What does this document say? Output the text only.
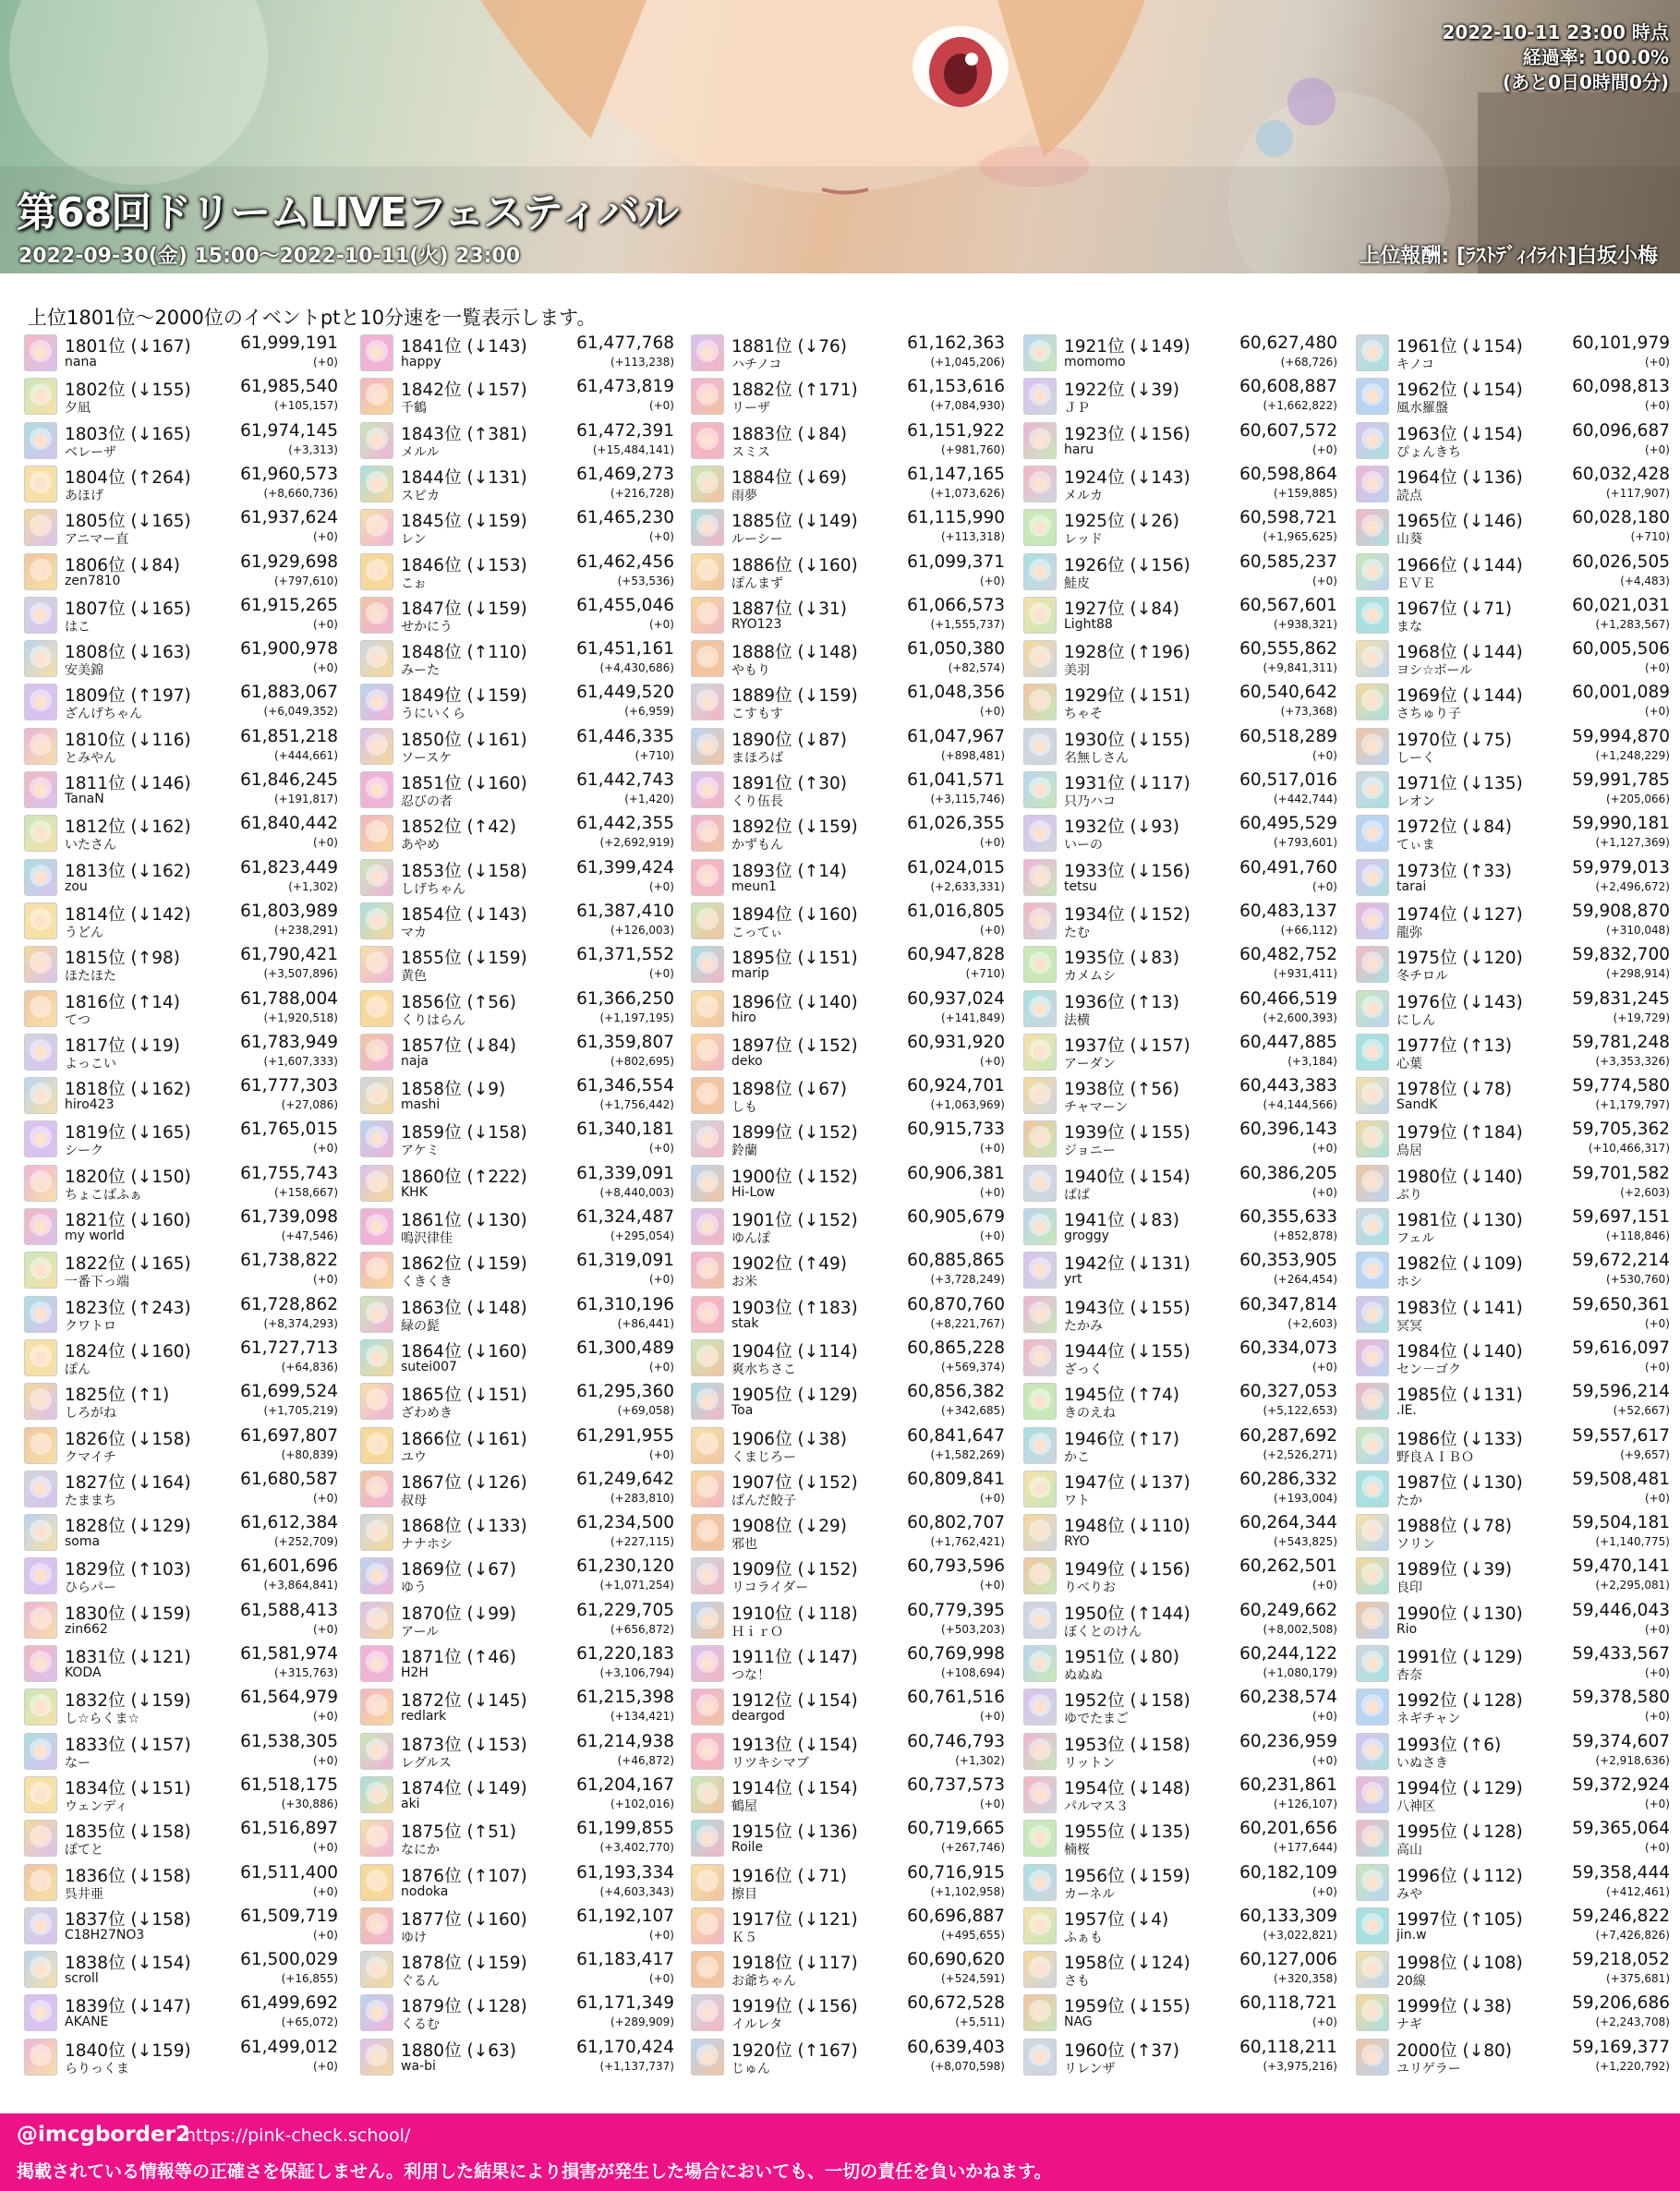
2022-10-11 23:00 時点
経過率: 100.0%
(あと0日0時間0分)
第68回ドリームLIVEフェスティバル
2022-09-30(金) 15:00〜2022-10-11(火) 23:00	上位報酬: [ﾗｽﾄﾃﾞｨｲﾗｲﾄ]白坂小梅
上位1801位〜2000位のイベントptと10分速を一覧表示します。
1801位 (↓167)	61,999,191
nana	(+0)
1802位 (↓155)	61,985,540
夕凪	(+105,157)
1803位 (↓165)	61,974,145
ベレーザ	(+3,313)
1804位 (↑264)	61,960,573
あほげ	(+8,660,736)
1805位 (↓165)	61,937,624
アニマー直	(+0)
1806位 (↓84)	61,929,698
zen7810	(+797,610)
1807位 (↓165)	61,915,265
はこ	(+0)
1808位 (↓163)	61,900,978
安美錦	(+0)
1809位 (↑197)	61,883,067
ざんげちゃん	(+6,049,352)
1810位 (↓116)	61,851,218
とみやん	(+444,661)
1811位 (↓146)	61,846,245
TanaN	(+191,817)
1812位 (↓162)	61,840,442
いたさん	(+0)
1813位 (↓162)	61,823,449
zou	(+1,302)
1814位 (↓142)	61,803,989
うどん	(+238,291)
1815位 (↑98)	61,790,421
ほたほた	(+3,507,896)
1816位 (↑14)	61,788,004
てつ	(+1,920,518)
1817位 (↓19)	61,783,949
よっこい	(+1,607,333)
1818位 (↓162)	61,777,303
hiro423	(+27,086)
1819位 (↓165)	61,765,015
シーク	(+0)
1820位 (↓150)	61,755,743
ちょこばふぁ	(+158,667)
1821位 (↓160)	61,739,098
my world	(+47,546)
1822位 (↓165)	61,738,822
一番下っ端	(+0)
1823位 (↑243)	61,728,862
クワトロ	(+8,374,293)
1824位 (↓160)	61,727,713
ぽん	(+64,836)
1825位 (↑1)	61,699,524
しろがね	(+1,705,219)
1826位 (↓158)	61,697,807
クマイチ	(+80,839)
1827位 (↓164)	61,680,587
たままち	(+0)
1828位 (↓129)	61,612,384
soma	(+252,709)
1829位 (↑103)	61,601,696
ひらパー	(+3,864,841)
1830位 (↓159)	61,588,413
zin662	(+0)
1831位 (↓121)	61,581,974
KODA	(+315,763)
1832位 (↓159)	61,564,979
し☆らくま☆	(+0)
1833位 (↓157)	61,538,305
なー	(+0)
1834位 (↓151)	61,518,175
ウェンディ	(+30,886)
1835位 (↓158)	61,516,897
ぽてと	(+0)
1836位 (↓158)	61,511,400
呉井亜	(+0)
1837位 (↓158)	61,509,719
C18H27NO3	(+0)
1838位 (↓154)	61,500,029
scroll	(+16,855)
1839位 (↓147)	61,499,692
AKANE	(+65,072)
1840位 (↓159)	61,499,012
らりっくま	(+0)
1841位 (↓143)	61,477,768
happy	(+113,238)
1842位 (↓157)	61,473,819
千鶴	(+0)
1843位 (↑381)	61,472,391
メルル	(+15,484,141)
1844位 (↓131)	61,469,273
スピカ	(+216,728)
1845位 (↓159)	61,465,230
レン	(+0)
1846位 (↓153)	61,462,456
こぉ	(+53,536)
1847位 (↓159)	61,455,046
せかにう	(+0)
1848位 (↑110)	61,451,161
みーた	(+4,430,686)
1849位 (↓159)	61,449,520
うにいくら	(+6,959)
1850位 (↓161)	61,446,335
ソースケ	(+710)
1851位 (↓160)	61,442,743
忍びの者	(+1,420)
1852位 (↑42)	61,442,355
あやめ	(+2,692,919)
1853位 (↓158)	61,399,424
しげちゃん	(+0)
1854位 (↓143)	61,387,410
マカ	(+126,003)
1855位 (↓159)	61,371,552
黄色	(+0)
1856位 (↑56)	61,366,250
くりはらん	(+1,197,195)
1857位 (↓84)	61,359,807
naja	(+802,695)
1858位 (↓9)	61,346,554
mashi	(+1,756,442)
1859位 (↓158)	61,340,181
アケミ	(+0)
1860位 (↑222)	61,339,091
KHK	(+8,440,003)
1861位 (↓130)	61,324,487
鳴沢律佳	(+295,054)
1862位 (↓159)	61,319,091
くきくき	(+0)
1863位 (↓148)	61,310,196
緑の髭	(+86,441)
1864位 (↓160)	61,300,489
sutei007	(+0)
1865位 (↓151)	61,295,360
ざわめき	(+69,058)
1866位 (↓161)	61,291,955
ユウ	(+0)
1867位 (↓126)	61,249,642
叔母	(+283,810)
1868位 (↓133)	61,234,500
ナナホシ	(+227,115)
1869位 (↓67)	61,230,120
ゆう	(+1,071,254)
1870位 (↓99)	61,229,705
アール	(+656,872)
1871位 (↑46)	61,220,183
H2H	(+3,106,794)
1872位 (↓145)	61,215,398
redlark	(+134,421)
1873位 (↓153)	61,214,938
レグルス	(+46,872)
1874位 (↓149)	61,204,167
aki	(+102,016)
1875位 (↑51)	61,199,855
なにか	(+3,402,770)
1876位 (↑107)	61,193,334
nodoka	(+4,603,343)
1877位 (↓160)	61,192,107
ゆけ	(+0)
1878位 (↓159)	61,183,417
ぐるん	(+0)
1879位 (↓128)	61,171,349
くるむ	(+289,909)
1880位 (↓63)	61,170,424
wa-bi	(+1,137,737)
1881位 (↓76)	61,162,363
ハチノコ	(+1,045,206)
1882位 (↑171)	61,153,616
リーザ	(+7,084,930)
1883位 (↓84)	61,151,922
スミス	(+981,760)
1884位 (↓69)	61,147,165
雨夢	(+1,073,626)
1885位 (↓149)	61,115,990
ルーシー	(+113,318)
1886位 (↓160)	61,099,371
ぽんまず	(+0)
1887位 (↓31)	61,066,573
RYO123	(+1,555,737)
1888位 (↓148)	61,050,380
やもり	(+82,574)
1889位 (↓159)	61,048,356
こすもす	(+0)
1890位 (↓87)	61,047,967
まほろば	(+898,481)
1891位 (↑30)	61,041,571
くり伍長	(+3,115,746)
1892位 (↓159)	61,026,355
かずもん	(+0)
1893位 (↑14)	61,024,015
meun1	(+2,633,331)
1894位 (↓160)	61,016,805
こってぃ	(+0)
1895位 (↓151)	60,947,828
marip	(+710)
1896位 (↓140)	60,937,024
hiro	(+141,849)
1897位 (↓152)	60,931,920
deko	(+0)
1898位 (↓67)	60,924,701
しも	(+1,063,969)
1899位 (↓152)	60,915,733
鈴蘭	(+0)
1900位 (↓152)	60,906,381
Hi-Low	(+0)
1901位 (↓152)	60,905,679
ゆんぽ	(+0)
1902位 (↑49)	60,885,865
お米	(+3,728,249)
1903位 (↑183)	60,870,760
stak	(+8,221,767)
1904位 (↓114)	60,865,228
爽水ちさこ	(+569,374)
1905位 (↓129)	60,856,382
Toa	(+342,685)
1906位 (↓38)	60,841,647
くまじろー	(+1,582,269)
1907位 (↓152)	60,809,841
ぱんだ餃子	(+0)
1908位 (↓29)	60,802,707
邪也	(+1,762,421)
1909位 (↓152)	60,793,596
リコライダー	(+0)
1910位 (↓118)	60,779,395
ＨｉｒＯ	(+503,203)
1911位 (↓147)	60,769,998
つな！	(+108,694)
1912位 (↓154)	60,761,516
deargod	(+0)
1913位 (↓154)	60,746,793
リツキシマブ	(+1,302)
1914位 (↓154)	60,737,573
鶴屋	(+0)
1915位 (↓136)	60,719,665
Roile	(+267,746)
1916位 (↓71)	60,716,915
擦目	(+1,102,958)
1917位 (↓121)	60,696,887
Ｋ５	(+495,655)
1918位 (↓117)	60,690,620
お爺ちゃん	(+524,591)
1919位 (↓156)	60,672,528
イルレタ	(+5,511)
1920位 (↑167)	60,639,403
じゅん	(+8,070,598)
1921位 (↓149)	60,627,480
momomo	(+68,726)
1922位 (↓39)	60,608,887
ＪＰ	(+1,662,822)
1923位 (↓156)	60,607,572
haru	(+0)
1924位 (↓143)	60,598,864
メルカ	(+159,885)
1925位 (↓26)	60,598,721
レッド	(+1,965,625)
1926位 (↓156)	60,585,237
鮭皮	(+0)
1927位 (↓84)	60,567,601
Light88	(+938,321)
1928位 (↑196)	60,555,862
美羽	(+9,841,311)
1929位 (↓151)	60,540,642
ちゃそ	(+73,368)
1930位 (↓155)	60,518,289
名無しさん	(+0)
1931位 (↓117)	60,517,016
只乃ハコ	(+442,744)
1932位 (↓93)	60,495,529
いーの	(+793,601)
1933位 (↓156)	60,491,760
tetsu	(+0)
1934位 (↓152)	60,483,137
たむ	(+66,112)
1935位 (↓83)	60,482,752
カメムシ	(+931,411)
1936位 (↑13)	60,466,519
法横	(+2,600,393)
1937位 (↓157)	60,447,885
アーダン	(+3,184)
1938位 (↑56)	60,443,383
チャマーン	(+4,144,566)
1939位 (↓155)	60,396,143
ジョニー	(+0)
1940位 (↓154)	60,386,205
ぱぱ	(+0)
1941位 (↓83)	60,355,633
groggy	(+852,878)
1942位 (↓131)	60,353,905
yrt	(+264,454)
1943位 (↓155)	60,347,814
たかみ	(+2,603)
1944位 (↓155)	60,334,073
ざっく	(+0)
1945位 (↑74)	60,327,053
きのえね	(+5,122,653)
1946位 (↑17)	60,287,692
かこ	(+2,526,271)
1947位 (↓137)	60,286,332
ワト	(+193,004)
1948位 (↓110)	60,264,344
RYO	(+543,825)
1949位 (↓156)	60,262,501
りべりお	(+0)
1950位 (↑144)	60,249,662
ぼくとのけん	(+8,002,508)
1951位 (↓80)	60,244,122
ぬぬぬ	(+1,080,179)
1952位 (↓158)	60,238,574
ゆでたまご	(+0)
1953位 (↓158)	60,236,959
リットン	(+0)
1954位 (↓148)	60,231,861
パルマス３	(+126,107)
1955位 (↓135)	60,201,656
楠桜	(+177,644)
1956位 (↓159)	60,182,109
カーネル	(+0)
1957位 (↓4)	60,133,309
ふぁも	(+3,022,821)
1958位 (↓124)	60,127,006
さも	(+320,358)
1959位 (↓155)	60,118,721
NAG	(+0)
1960位 (↑37)	60,118,211
リレンザ	(+3,975,216)
1961位 (↓154)	60,101,979
キノコ	(+0)
1962位 (↓154)	60,098,813
風水羅盤	(+0)
1963位 (↓154)	60,096,687
ぴょんきち	(+0)
1964位 (↓136)	60,032,428
読点	(+117,907)
1965位 (↓146)	60,028,180
山葵	(+710)
1966位 (↓144)	60,026,505
ＥＶＥ	(+4,483)
1967位 (↓71)	60,021,031
まな	(+1,283,567)
1968位 (↓144)	60,005,506
ヨシ☆ボール	(+0)
1969位 (↓144)	60,001,089
さちゅり子	(+0)
1970位 (↓75)	59,994,870
しーく	(+1,248,229)
1971位 (↓135)	59,991,785
レオン	(+205,066)
1972位 (↓84)	59,990,181
てぃま	(+1,127,369)
1973位 (↑33)	59,979,013
tarai	(+2,496,672)
1974位 (↓127)	59,908,870
龍弥	(+310,048)
1975位 (↓120)	59,832,700
冬チロル	(+298,914)
1976位 (↓143)	59,831,245
にしん	(+19,729)
1977位 (↑13)	59,781,248
心葉	(+3,353,326)
1978位 (↓78)	59,774,580
SandK	(+1,179,797)
1979位 (↑184)	59,705,362
鳥居	(+10,466,317)
1980位 (↓140)	59,701,582
ぶり	(+2,603)
1981位 (↓130)	59,697,151
フェル	(+118,846)
1982位 (↓109)	59,672,214
ホシ	(+530,760)
1983位 (↓141)	59,650,361
冥冥	(+0)
1984位 (↓140)	59,616,097
セン－ゴク	(+0)
1985位 (↓131)	59,596,214
.IE.	(+52,667)
1986位 (↓133)	59,557,617
野良ＡＩＢＯ	(+9,657)
1987位 (↓130)	59,508,481
たか	(+0)
1988位 (↓78)	59,504,181
ソリン	(+1,140,775)
1989位 (↓39)	59,470,141
良印	(+2,295,081)
1990位 (↓130)	59,446,043
Rio	(+0)
1991位 (↓129)	59,433,567
杏奈	(+0)
1992位 (↓128)	59,378,580
ネギチャン	(+0)
1993位 (↑6)	59,374,607
いぬさき	(+2,918,636)
1994位 (↓129)	59,372,924
八神区	(+0)
1995位 (↓128)	59,365,064
高山	(+0)
1996位 (↓112)	59,358,444
みや	(+412,461)
1997位 (↑105)	59,246,822
jin.w	(+7,426,826)
1998位 (↓108)	59,218,052
20線	(+375,681)
1999位 (↓38)	59,206,686
ナギ	(+2,243,708)
2000位 (↓80)	59,169,377
ユリゲラー	(+1,220,792)
@imcgborder2
https://pink-check.school/
掲載されている情報等の正確さを保証しません。利用した結果により損害が発生した場合においても、一切の責任を負いかねます。
